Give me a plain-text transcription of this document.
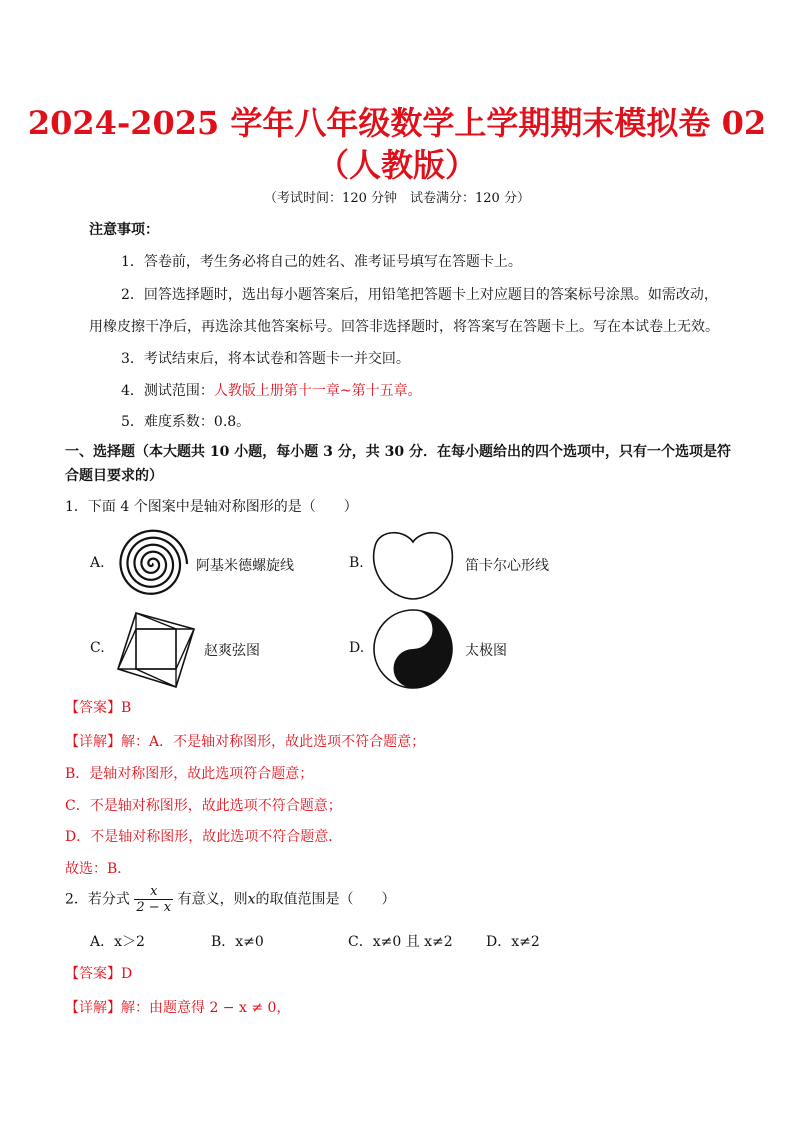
2024-2025 学年八年级数学上学期期末模拟卷 02
（人教版）
（考试时间：120 分钟　试卷满分：120 分）
注意事项：
1．答卷前，考生务必将自己的姓名、准考证号填写在答题卡上。
2．回答选择题时，选出每小题答案后，用铅笔把答题卡上对应题目的答案标号涂黑。如需改动，
用橡皮擦干净后，再选涂其他答案标号。回答非选择题时，将答案写在答题卡上。写在本试卷上无效。
3．考试结束后，将本试卷和答题卡一并交回。
4．测试范围：人教版上册第十一章~第十五章。
5．难度系数：0.8。
一、选择题（本大题共 10 小题，每小题 3 分，共 30 分．在每小题给出的四个选项中，只有一个选项是符
合题目要求的）
1．下面 4 个图案中是轴对称图形的是（　　）
A.	阿基米德螺旋线	B.	笛卡尔心形线
C.	赵爽弦图	D.	太极图
【答案】B
【详解】解：A．不是轴对称图形，故此选项不符合题意；
B．是轴对称图形，故此选项符合题意；
C．不是轴对称图形，故此选项不符合题意；
D．不是轴对称图形，故此选项不符合题意．
故选：B．
2．若分式 $\frac{x}{2 - x}$ 有意义，则x的取值范围是（　　）
A．x＞2	B．x≠0	C．x≠0 且 x≠2 D．x≠2
【答案】D
【详解】解：由题意得 2 − x ≠ 0，
